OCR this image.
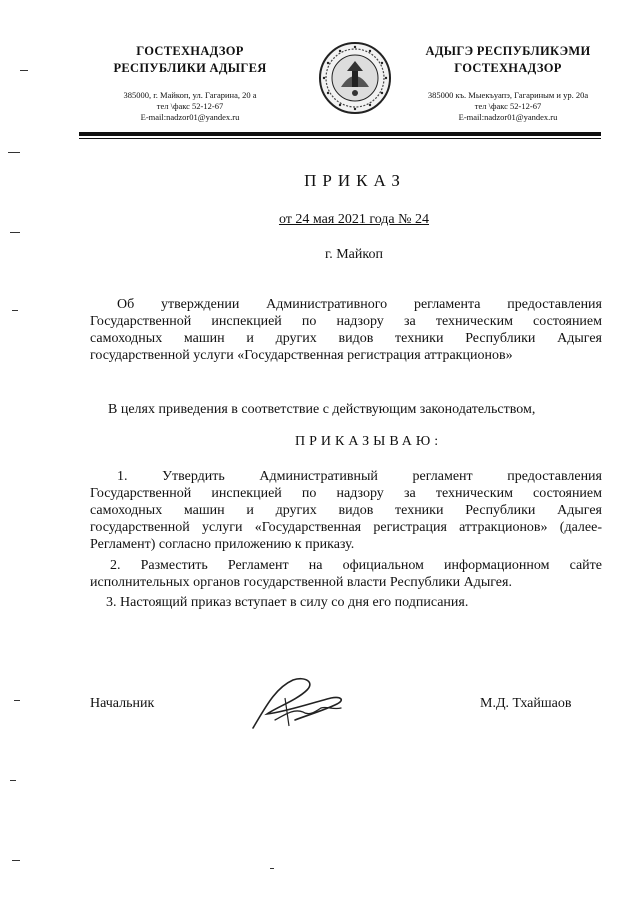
ГОСТЕХНАДЗОР
РЕСПУБЛИКИ АДЫГЕЯ
385000, г. Майкоп, ул. Гагарина, 20 а
тел \факс 52-12-67
E-mail:nadzor01@yandex.ru
АДЫГЭ РЕСПУБЛИКЭМИ
ГОСТЕХНАДЗОР
385000 къ. Мыекъуапэ, Гагариным и ур. 20а
тел \факс 52-12-67
E-mail:nadzor01@yandex.ru
ПРИКАЗ
от 24 мая 2021 года № 24
г. Майкоп
Об утверждении Административного регламента предоставления
Государственной инспекцией по надзору за техническим состоянием
самоходных машин и других видов техники Республики Адыгея
государственной услуги «Государственная регистрация аттракционов»
В целях приведения в соответствие с действующим законодательством,
ПРИКАЗЫВАЮ:
1. Утвердить Административный регламент предоставления
Государственной инспекцией по надзору за техническим состоянием
самоходных машин и других видов техники Республики Адыгея
государственной услуги «Государственная регистрация аттракционов» (далее-
Регламент) согласно приложению к приказу.
2. Разместить Регламент на официальном информационном сайте
исполнительных органов государственной власти Республики Адыгея.
3. Настоящий приказ вступает в силу со дня его подписания.
Начальник	М.Д. Тхайшаов
